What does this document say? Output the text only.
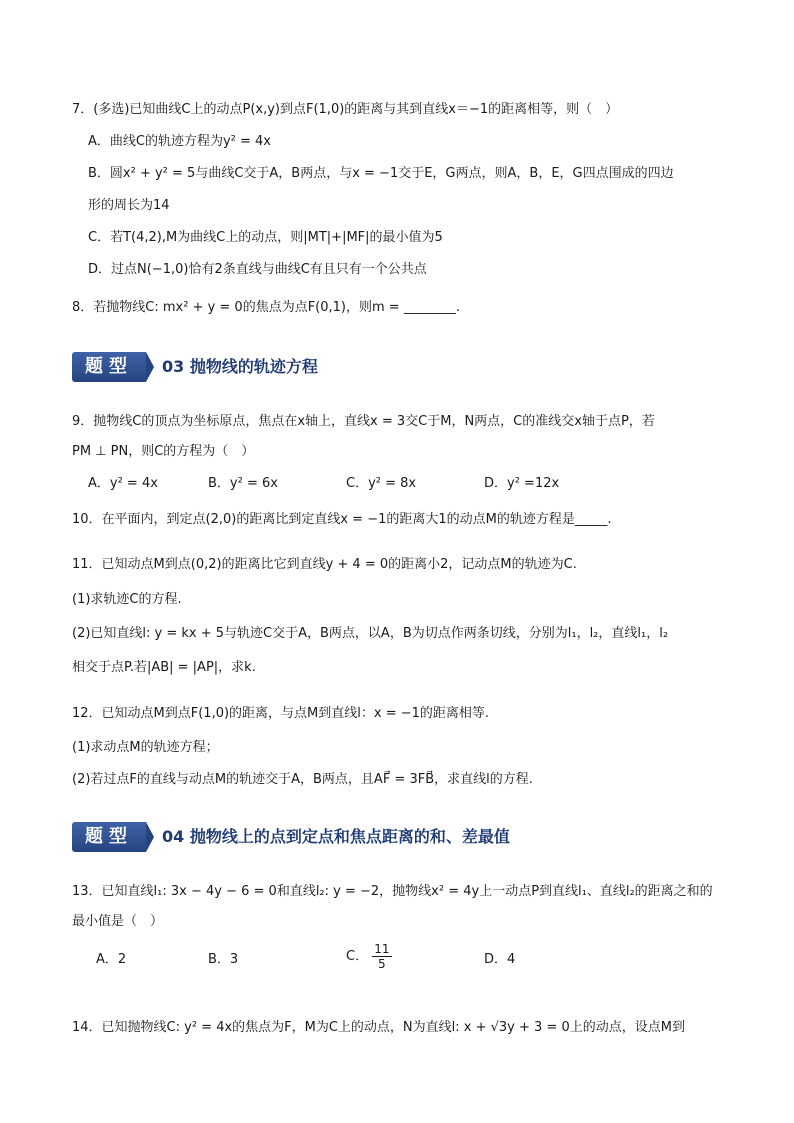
7．(多选)已知曲线C上的动点P(x,y)到点F(1,0)的距离与其到直线x＝−1的距离相等，则（　）
A．曲线C的轨迹方程为y² = 4x
B．圆x² + y² = 5与曲线C交于A，B两点，与x = −1交于E，G两点，则A，B，E，G四点围成的四边
形的周长为14
C．若T(4,2),M为曲线C上的动点，则|MT|+|MF|的最小值为5
D．过点N(−1,0)恰有2条直线与曲线C有且只有一个公共点
8．若抛物线C: mx² + y = 0的焦点为点F(0,1)，则m = ________.
题型	03 抛物线的轨迹方程
9．抛物线C的顶点为坐标原点，焦点在x轴上，直线x = 3交C于M，N两点，C的准线交x轴于点P，若
PM ⊥ PN，则C的方程为（　）
A．y² = 4x	B．y² = 6x	C．y² = 8x	D．y² =12x
10．在平面内，到定点(2,0)的距离比到定直线x = −1的距离大1的动点M的轨迹方程是_____.
11．已知动点M到点(0,2)的距离比它到直线y + 4 = 0的距离小2，记动点M的轨迹为C.
(1)求轨迹C的方程.
(2)已知直线l: y = kx + 5与轨迹C交于A，B两点，以A，B为切点作两条切线，分别为l₁，l₂，直线l₁，l₂
相交于点P.若|AB| = |AP|，求k.
12．已知动点M到点F(1,0)的距离，与点M到直线l：x = −1的距离相等.
(1)求动点M的轨迹方程；
(2)若过点F的直线与动点M的轨迹交于A，B两点，且AF⃗ = 3FB⃗，求直线l的方程.
题型	04 抛物线上的点到定点和焦点距离的和、差最值
13．已知直线l₁: 3x − 4y − 6 = 0和直线l₂: y = −2，抛物线x² = 4y上一动点P到直线l₁、直线l₂的距离之和的
最小值是（　）
A．2	B．3	C． $\frac{11}{5}$	D．4
14．已知抛物线C: y² = 4x的焦点为F，M为C上的动点，N为直线l: x + √3y + 3 = 0上的动点，设点M到
